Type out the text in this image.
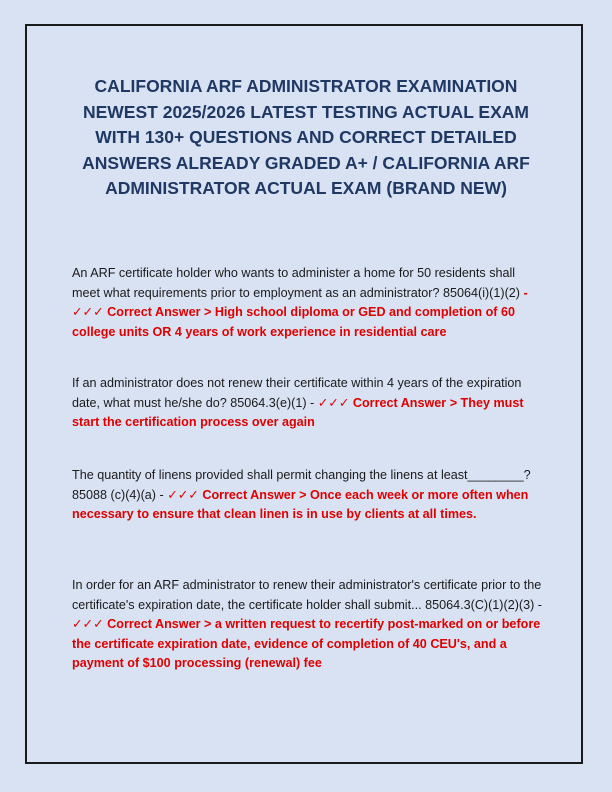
CALIFORNIA ARF ADMINISTRATOR EXAMINATION NEWEST 2025/2026 LATEST TESTING ACTUAL EXAM WITH 130+ QUESTIONS AND CORRECT DETAILED ANSWERS ALREADY GRADED A+ / CALIFORNIA ARF ADMINISTRATOR ACTUAL EXAM (BRAND NEW)

An ARF certificate holder who wants to administer a home for 50 residents shall meet what requirements prior to employment as an administrator? 85064(i)(1)(2) - ✓✓✓ Correct Answer > High school diploma or GED and completion of 60 college units OR 4 years of work experience in residential care

If an administrator does not renew their certificate within 4 years of the expiration date, what must he/she do? 85064.3(e)(1) - ✓✓✓ Correct Answer > They must start the certification process over again

The quantity of linens provided shall permit changing the linens at least________?85088 (c)(4)(a) - ✓✓✓ Correct Answer > Once each week or more often when necessary to ensure that clean linen is in use by clients at all times.

In order for an ARF administrator to renew their administrator's certificate prior to the certificate's expiration date, the certificate holder shall submit... 85064.3(C)(1)(2)(3) - ✓✓✓ Correct Answer > a written request to recertify post-marked on or before the certificate expiration date, evidence of completion of 40 CEU's, and a payment of $100 processing (renewal) fee
